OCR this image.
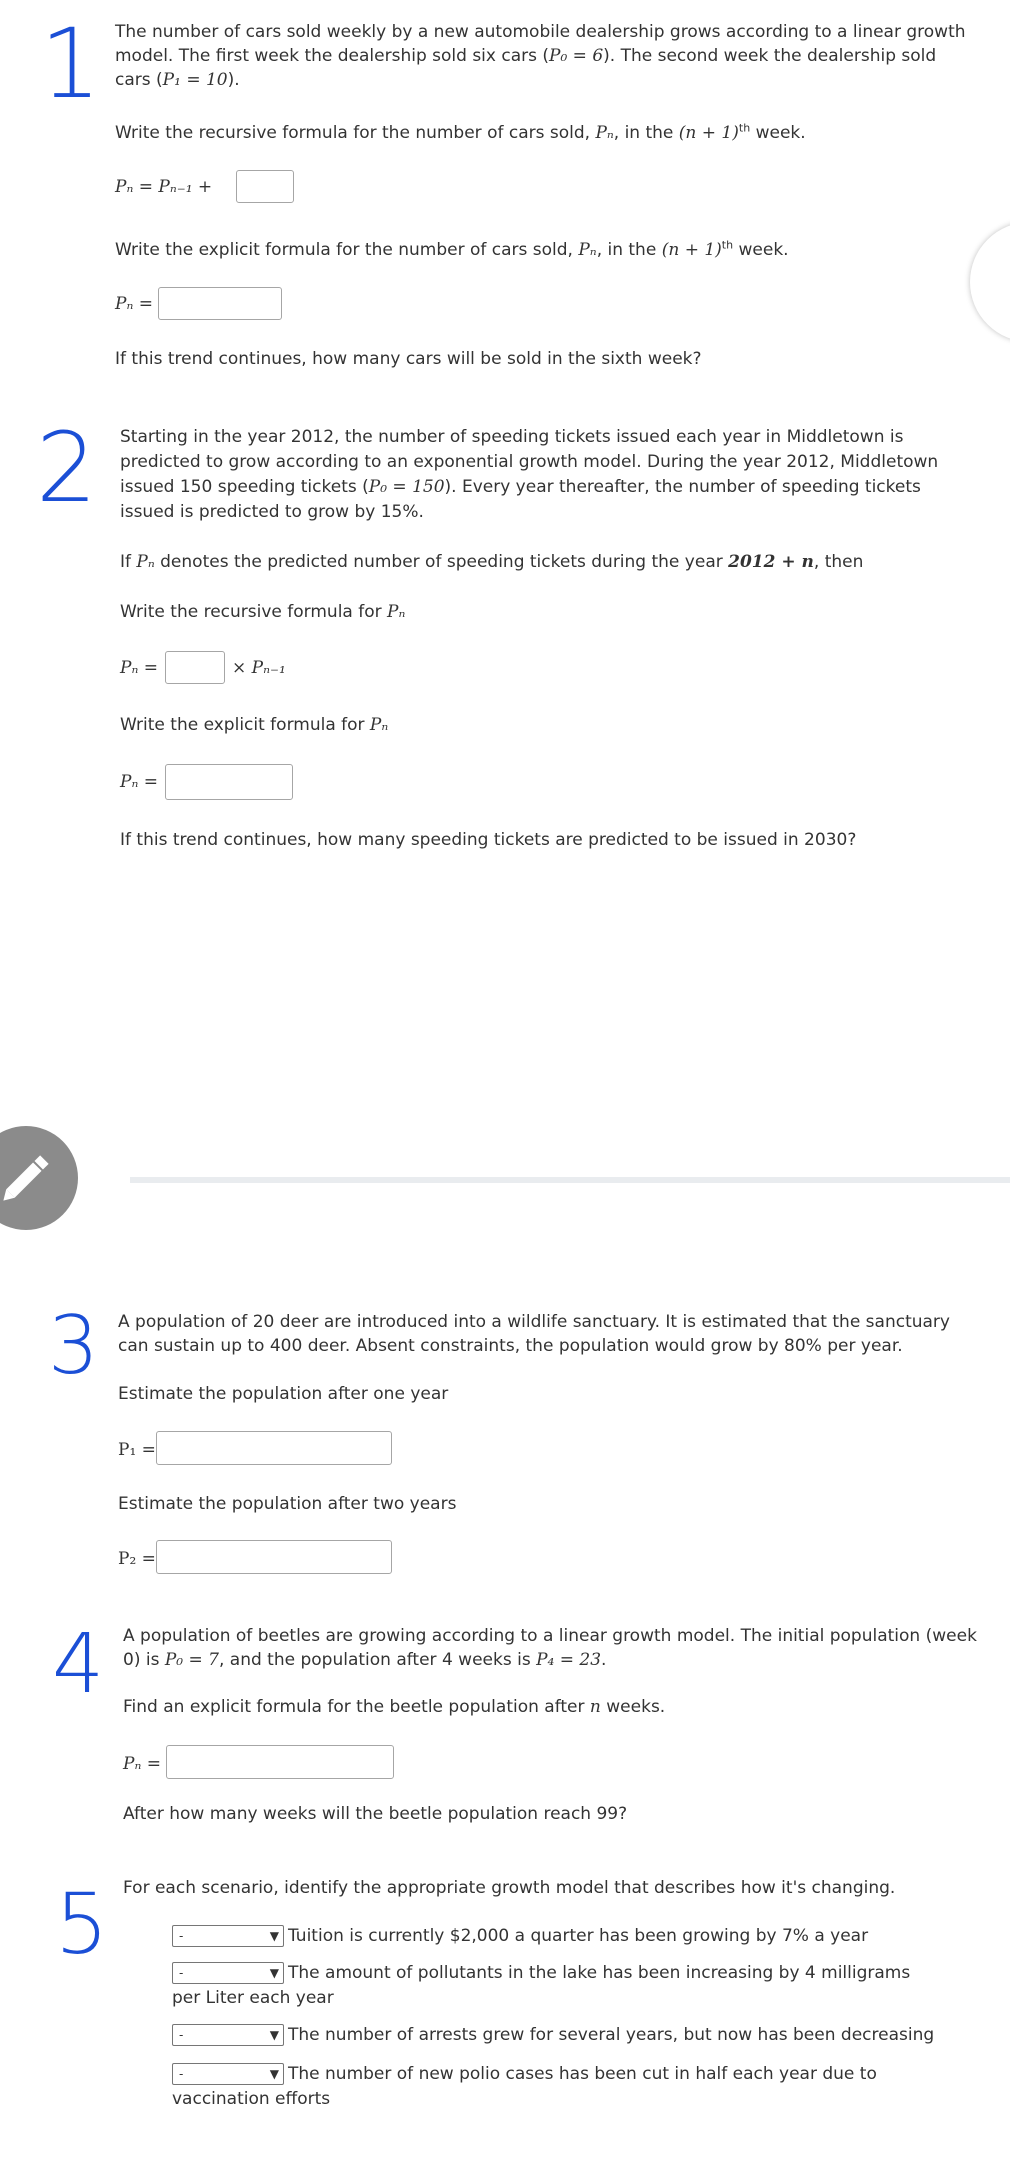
1 The number of cars sold weekly by a new automobile dealership grows according to a linear growth

model. The first week the dealership sold six cars (P₀ = 6). The second week the dealership sold

cars (P₁ = 10).

Write the recursive formula for the number of cars sold, Pₙ, in the $(n + 1)^{th}$ week.

Pₙ = Pₙ₋₁ +

Write the explicit formula for the number of cars sold, Pₙ, in the $(n + 1)^{th}$ week.

Pₙ =

If this trend continues, how many cars will be sold in the sixth week?

2 Starting in the year 2012, the number of speeding tickets issued each year in Middletown is

predicted to grow according to an exponential growth model. During the year 2012, Middletown

issued 150 speeding tickets (P₀ = 150). Every year thereafter, the number of speeding tickets

issued is predicted to grow by 15%.

If Pₙ denotes the predicted number of speeding tickets during the year 2012 + n, then

Write the recursive formula for Pₙ

Pₙ =	× Pₙ₋₁

Write the explicit formula for Pₙ

Pₙ =

If this trend continues, how many speeding tickets are predicted to be issued in 2030?

3 A population of 20 deer are introduced into a wildlife sanctuary. It is estimated that the sanctuary

can sustain up to 400 deer. Absent constraints, the population would grow by 80% per year.

Estimate the population after one year

P₁ =

Estimate the population after two years

P₂ =

4 A population of beetles are growing according to a linear growth model. The initial population (week

0) is P₀ = 7, and the population after 4 weeks is P₄ = 23.

Find an explicit formula for the beetle population after n weeks.

Pₙ =

After how many weeks will the beetle population reach 99?

5 For each scenario, identify the appropriate growth model that describes how it's changing.

-	▼ Tuition is currently $2,000 a quarter has been growing by 7% a year

-	▼ The amount of pollutants in the lake has been increasing by 4 milligrams

per Liter each year

-	▼ The number of arrests grew for several years, but now has been decreasing

-	▼ The number of new polio cases has been cut in half each year due to

vaccination efforts
